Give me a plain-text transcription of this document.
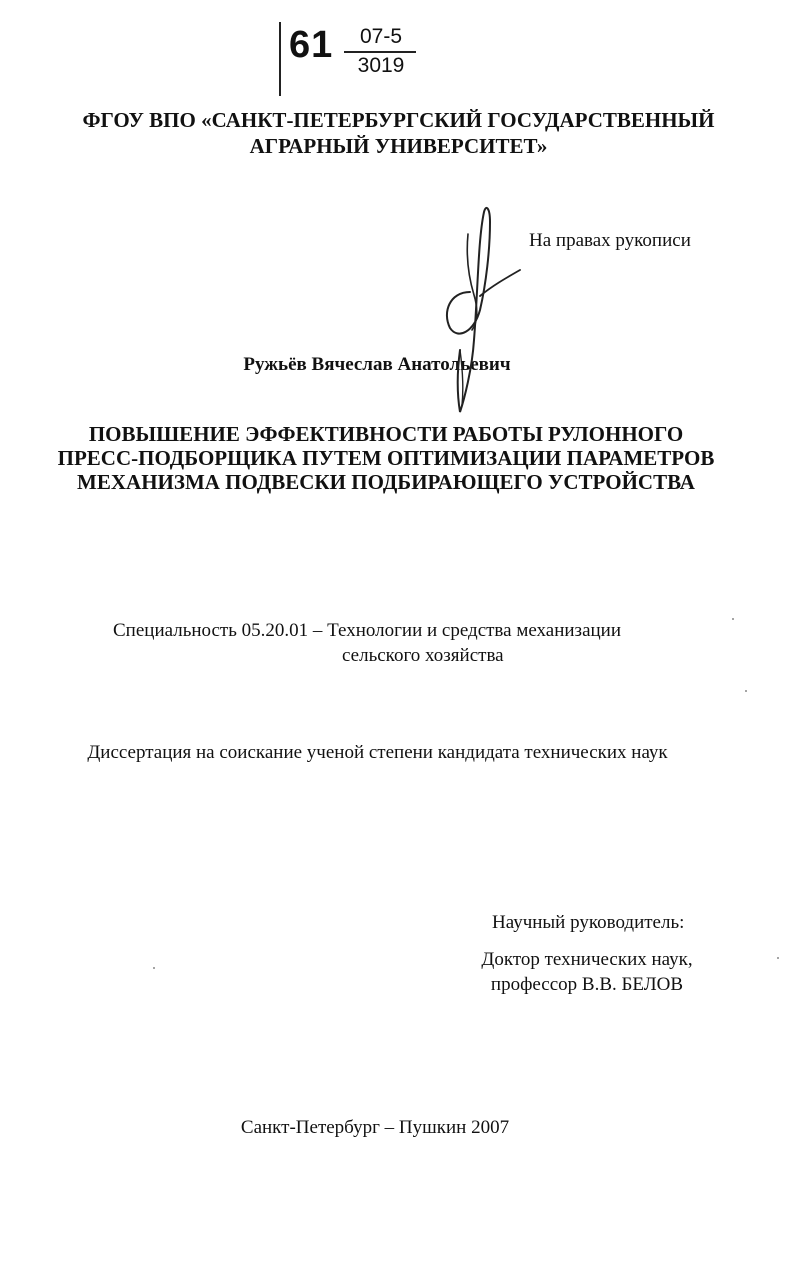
61	07-5
3019
ФГОУ ВПО «САНКТ-ПЕТЕРБУРГСКИЙ ГОСУДАРСТВЕННЫЙ
АГРАРНЫЙ УНИВЕРСИТЕТ»
На правах рукописи
Ружьёв Вячеслав Анатольевич
ПОВЫШЕНИЕ ЭФФЕКТИВНОСТИ РАБОТЫ РУЛОННОГО
ПРЕСС-ПОДБОРЩИКА ПУТЕМ ОПТИМИЗАЦИИ ПАРАМЕТРОВ
МЕХАНИЗМА ПОДВЕСКИ ПОДБИРАЮЩЕГО УСТРОЙСТВА
Специальность 05.20.01 – Технологии и средства механизации
сельского хозяйства
Диссертация на соискание ученой степени кандидата технических наук
Научный руководитель:
Доктор технических наук,
профессор В.В. БЕЛОВ
Санкт-Петербург – Пушкин 2007
